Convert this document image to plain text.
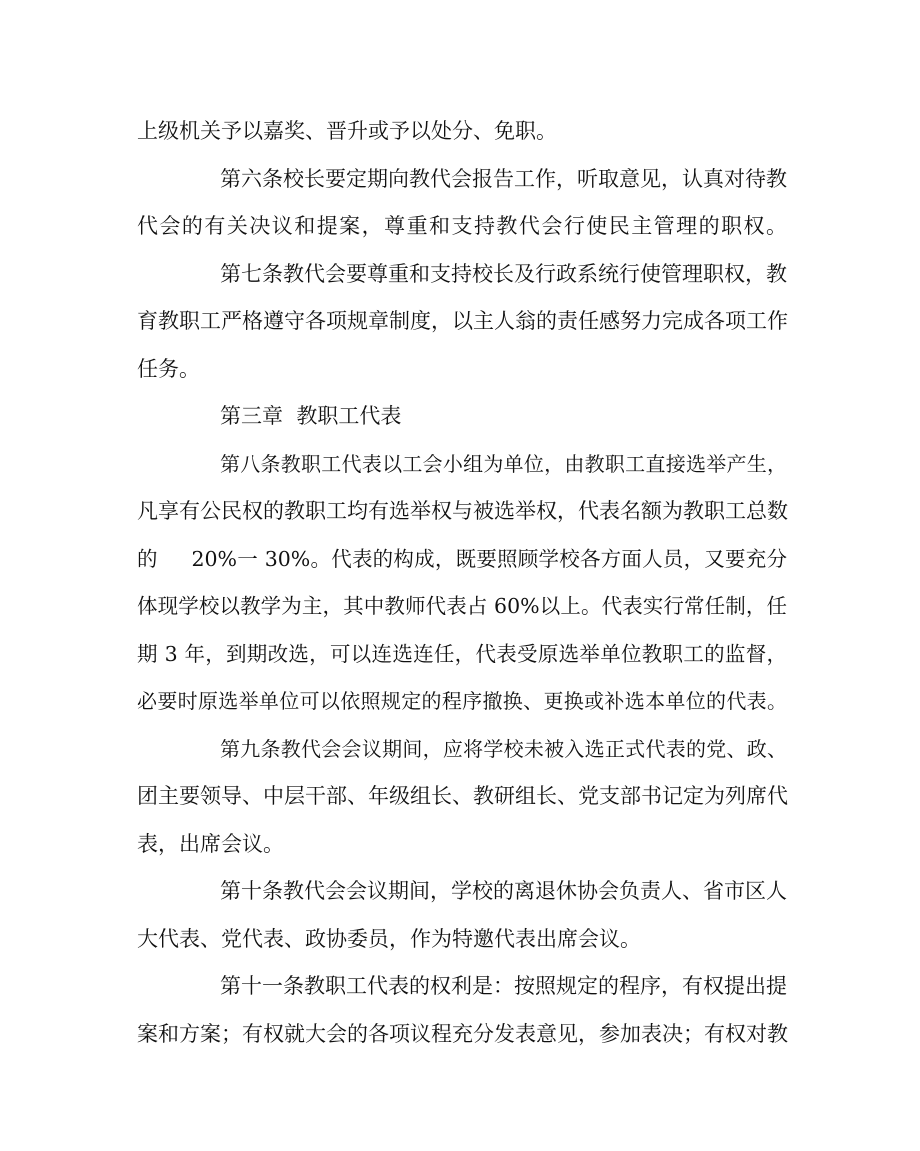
上级机关予以嘉奖、晋升或予以处分、免职。
第六条校长要定期向教代会报告工作，听取意见，认真对待教
代会的有关决议和提案，尊重和支持教代会行使民主管理的职权。
第七条教代会要尊重和支持校长及行政系统行使管理职权，教
育教职工严格遵守各项规章制度，以主人翁的责任感努力完成各项工作
任务。
第三章  教职工代表
第八条教职工代表以工会小组为单位，由教职工直接选举产生，
凡享有公民权的教职工均有选举权与被选举权，代表名额为教职工总数
的     20%一 30%。代表的构成，既要照顾学校各方面人员，又要充分
体现学校以教学为主，其中教师代表占 60%以上。代表实行常任制，任
期 3 年，到期改选，可以连选连任，代表受原选举单位教职工的监督，
必要时原选举单位可以依照规定的程序撤换、更换或补选本单位的代表。
第九条教代会会议期间，应将学校未被入选正式代表的党、政、
团主要领导、中层干部、年级组长、教研组长、党支部书记定为列席代
表，出席会议。
第十条教代会会议期间，学校的离退休协会负责人、省市区人
大代表、党代表、政协委员，作为特邀代表出席会议。
第十一条教职工代表的权利是：按照规定的程序，有权提出提
案和方案；有权就大会的各项议程充分发表意见，参加表决；有权对教
